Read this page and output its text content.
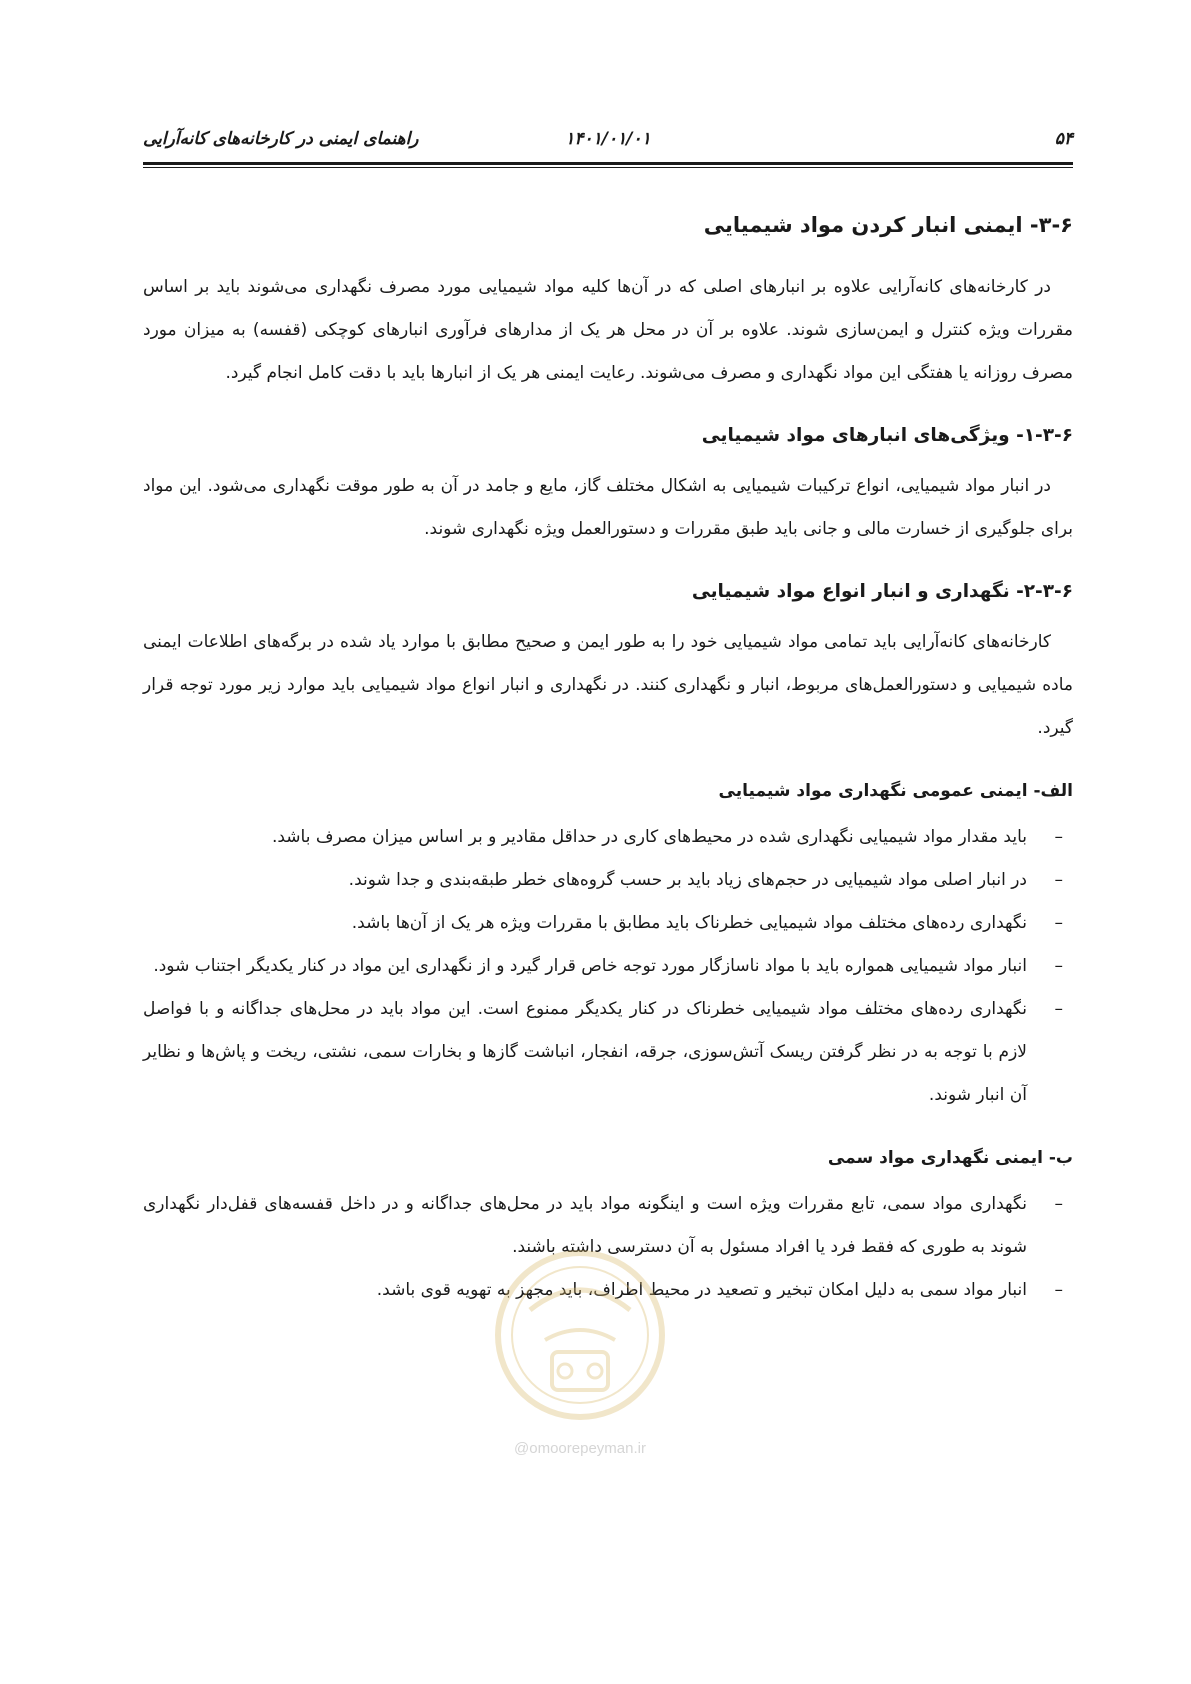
۵۴
۱۴۰۱/۰۱/۰۱
راهنمای ایمنی در کارخانه‌های کانه‌آرایی
۳-۶- ایمنی انبار کردن مواد شیمیایی

در کارخانه‌های کانه‌آرایی علاوه بر انبارهای اصلی که در آن‌ها کلیه مواد شیمیایی مورد مصرف نگهداری می‌شوند باید بر اساس مقررات ویژه کنترل و ایمن‌سازی شوند. علاوه بر آن در محل هر یک از مدارهای فرآوری انبارهای کوچکی (قفسه) به میزان مورد مصرف روزانه یا هفتگی این مواد نگهداری و مصرف می‌شوند. رعایت ایمنی هر یک از انبارها باید با دقت کامل انجام گیرد.

۱-۳-۶- ویژگی‌های انبارهای مواد شیمیایی

در انبار مواد شیمیایی، انواع ترکیبات شیمیایی به اشکال مختلف گاز، مایع و جامد در آن به طور موقت نگهداری می‌شود. این مواد برای جلوگیری از خسارت مالی و جانی باید طبق مقررات و دستورالعمل ویژه نگهداری شوند.

۲-۳-۶- نگهداری و انبار انواع مواد شیمیایی

کارخانه‌های کانه‌آرایی باید تمامی مواد شیمیایی خود را به طور ایمن و صحیح مطابق با موارد یاد شده در برگه‌های اطلاعات ایمنی ماده شیمیایی و دستورالعمل‌های مربوط، انبار و نگهداری کنند. در نگهداری و انبار انواع مواد شیمیایی باید موارد زیر مورد توجه قرار گیرد.

الف- ایمنی عمومی نگهداری مواد شیمیایی
–
باید مقدار مواد شیمیایی نگهداری شده در محیط‌های کاری در حداقل مقادیر و بر اساس میزان مصرف باشد.
–
در انبار اصلی مواد شیمیایی در حجم‌های زیاد باید بر حسب گروه‌های خطر طبقه‌بندی و جدا شوند.
–
نگهداری رده‌های مختلف مواد شیمیایی خطرناک باید مطابق با مقررات ویژه هر یک از آن‌ها باشد.
–
انبار مواد شیمیایی همواره باید با مواد ناسازگار مورد توجه خاص قرار گیرد و از نگهداری این مواد در کنار یکدیگر اجتناب شود.
–
نگهداری رده‌های مختلف مواد شیمیایی خطرناک در کنار یکدیگر ممنوع است. این مواد باید در محل‌های جداگانه و با فواصل لازم با توجه به در نظر گرفتن ریسک آتش‌سوزی، جرقه، انفجار، انباشت گازها و بخارات سمی، نشتی، ریخت و پاش‌ها و نظایر آن انبار شوند.
ب- ایمنی نگهداری مواد سمی
–
نگهداری مواد سمی، تابع مقررات ویژه است و اینگونه مواد باید در محل‌های جداگانه و در داخل قفسه‌های قفل‌دار نگهداری شوند به طوری که فقط فرد یا افراد مسئول به آن دسترسی داشته باشند.
–
انبار مواد سمی به دلیل امکان تبخیر و تصعید در محیط اطراف، باید مجهز به تهویه قوی باشد.
@omoorepeyman.ir
